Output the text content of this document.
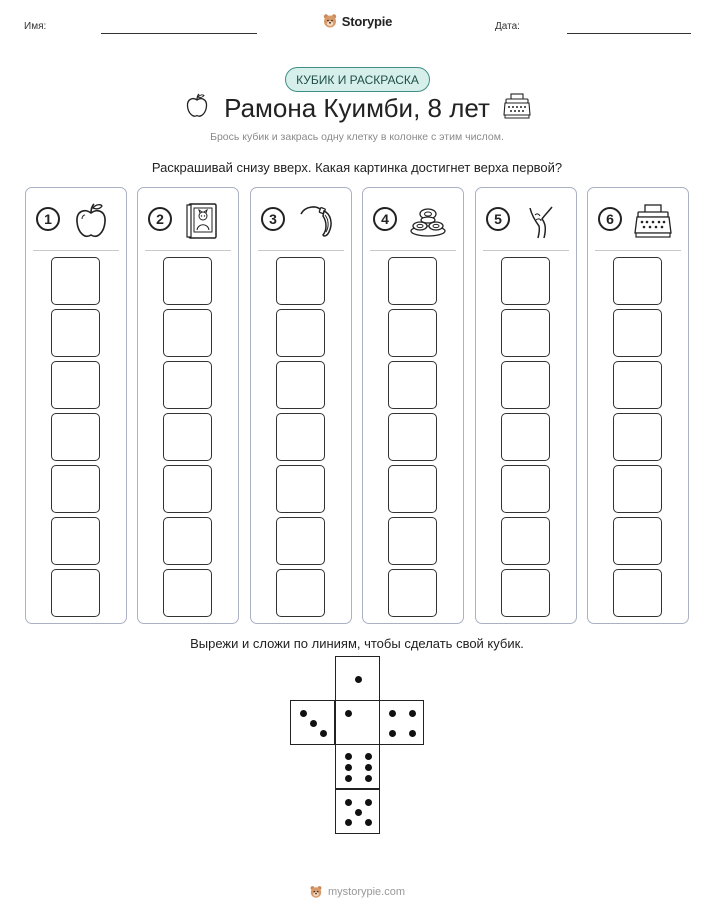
Имя:	Storypie	Дата:
КУБИК И РАСКРАСКА
Рамона Куимби, 8 лет
Брось кубик и закрась одну клетку в колонке с этим числом.
Раскрашивай снизу вверх. Какая картинка достигнет верха первой?
1	2	3	4	5	6
Вырежи и сложи по линиям, чтобы сделать свой кубик.
mystorypie.com
